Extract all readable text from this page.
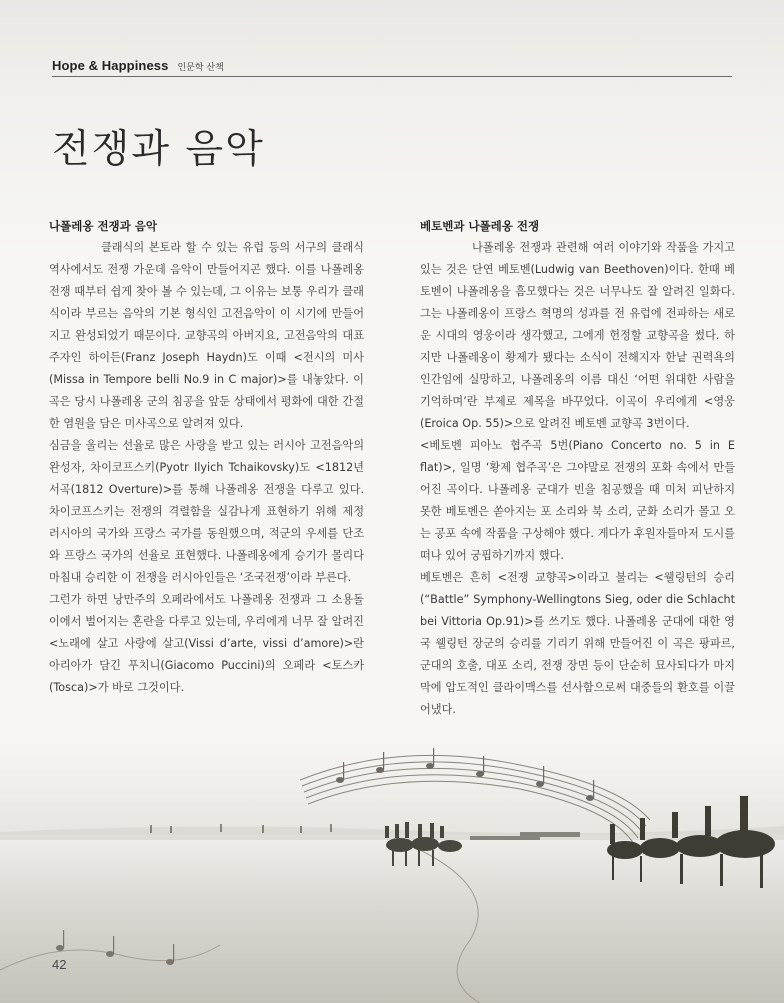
Hope & Happiness 인문학 산책
전쟁과 음악
나폴레옹 전쟁과 음악

클래식의 본토라 할 수 있는 유럽 등의 서구의 클래식 역사에서도 전쟁 가운데 음악이 만들어지곤 했다. 이를 나폴레옹 전쟁 때부터 쉽게 찾아 볼 수 있는데, 그 이유는 보통 우리가 클래식이라 부르는 음악의 기본 형식인 고전음악이 이 시기에 만들어지고 완성되었기 때문이다. 교향곡의 아버지요, 고전음악의 대표 주자인 하이든(Franz Joseph Haydn)도 이때 <전시의 미사(Missa in Tempore belli No.9 in C major)>를 내놓았다. 이 곡은 당시 나폴레옹 군의 침공을 앞둔 상태에서 평화에 대한 간절한 염원을 담은 미사곡으로 알려져 있다.

심금을 울리는 선율로 많은 사랑을 받고 있는 러시아 고전음악의 완성자, 차이코프스키(Pyotr Ilyich Tchaikovsky)도 <1812년 서곡(1812 Overture)>를 통해 나폴레옹 전쟁을 다루고 있다. 차이코프스키는 전쟁의 격렬함을 실감나게 표현하기 위해 제정 러시아의 국가와 프랑스 국가를 동원했으며, 적군의 우세를 단조와 프랑스 국가의 선율로 표현했다. 나폴레옹에게 승기가 몰리다 마침내 승리한 이 전쟁을 러시아인들은 ‘조국전쟁’이라 부른다.

그런가 하면 낭만주의 오페라에서도 나폴레옹 전쟁과 그 소용돌이에서 벌어지는 혼란을 다루고 있는데, 우리에게 너무 잘 알려진 <노래에 살고 사랑에 살고(Vissi d’arte, vissi d’amore)>란 아리아가 담긴 푸치니(Giacomo Puccini)의 오페라 <토스카(Tosca)>가 바로 그것이다.

베토벤과 나폴레옹 전쟁

나폴레옹 전쟁과 관련해 여러 이야기와 작품을 가지고 있는 것은 단연 베토벤(Ludwig van Beethoven)이다. 한때 베토벤이 나폴레옹을 흠모했다는 것은 너무나도 잘 알려진 일화다. 그는 나폴레옹이 프랑스 혁명의 성과를 전 유럽에 전파하는 새로운 시대의 영웅이라 생각했고, 그에게 헌정할 교향곡을 썼다. 하지만 나폴레옹이 황제가 됐다는 소식이 전해지자 한낱 권력욕의 인간임에 실망하고, 나폴레옹의 이름 대신 ‘어떤 위대한 사람을 기억하며’란 부제로 제목을 바꾸었다. 이곡이 우리에게 <영웅(Eroica Op. 55)>으로 알려진 베토벤 교향곡 3번이다.

<베토벤 피아노 협주곡 5번(Piano Concerto no. 5 in E flat)>, 일명 ‘황제 협주곡’은 그야말로 전쟁의 포화 속에서 만들어진 곡이다. 나폴레옹 군대가 빈을 침공했을 때 미처 피난하지 못한 베토벤은 쏟아지는 포 소리와 북 소리, 군화 소리가 몰고 오는 공포 속에 작품을 구상해야 했다. 게다가 후원자들마저 도시를 떠나 있어 궁핍하기까지 했다.

베토벤은 흔히 <전쟁 교향곡>이라고 불리는 <웰링턴의 승리(“Battle” Symphony-Wellingtons Sieg, oder die Schlacht bei Vittoria Op.91)>를 쓰기도 했다. 나폴레옹 군대에 대한 영국 웰링턴 장군의 승리를 기리기 위해 만들어진 이 곡은 팡파르, 군대의 호출, 대포 소리, 전쟁 장면 등이 단순히 묘사되다가 마지막에 압도적인 클라이맥스를 선사함으로써 대중들의 환호를 이끌어냈다.

42
